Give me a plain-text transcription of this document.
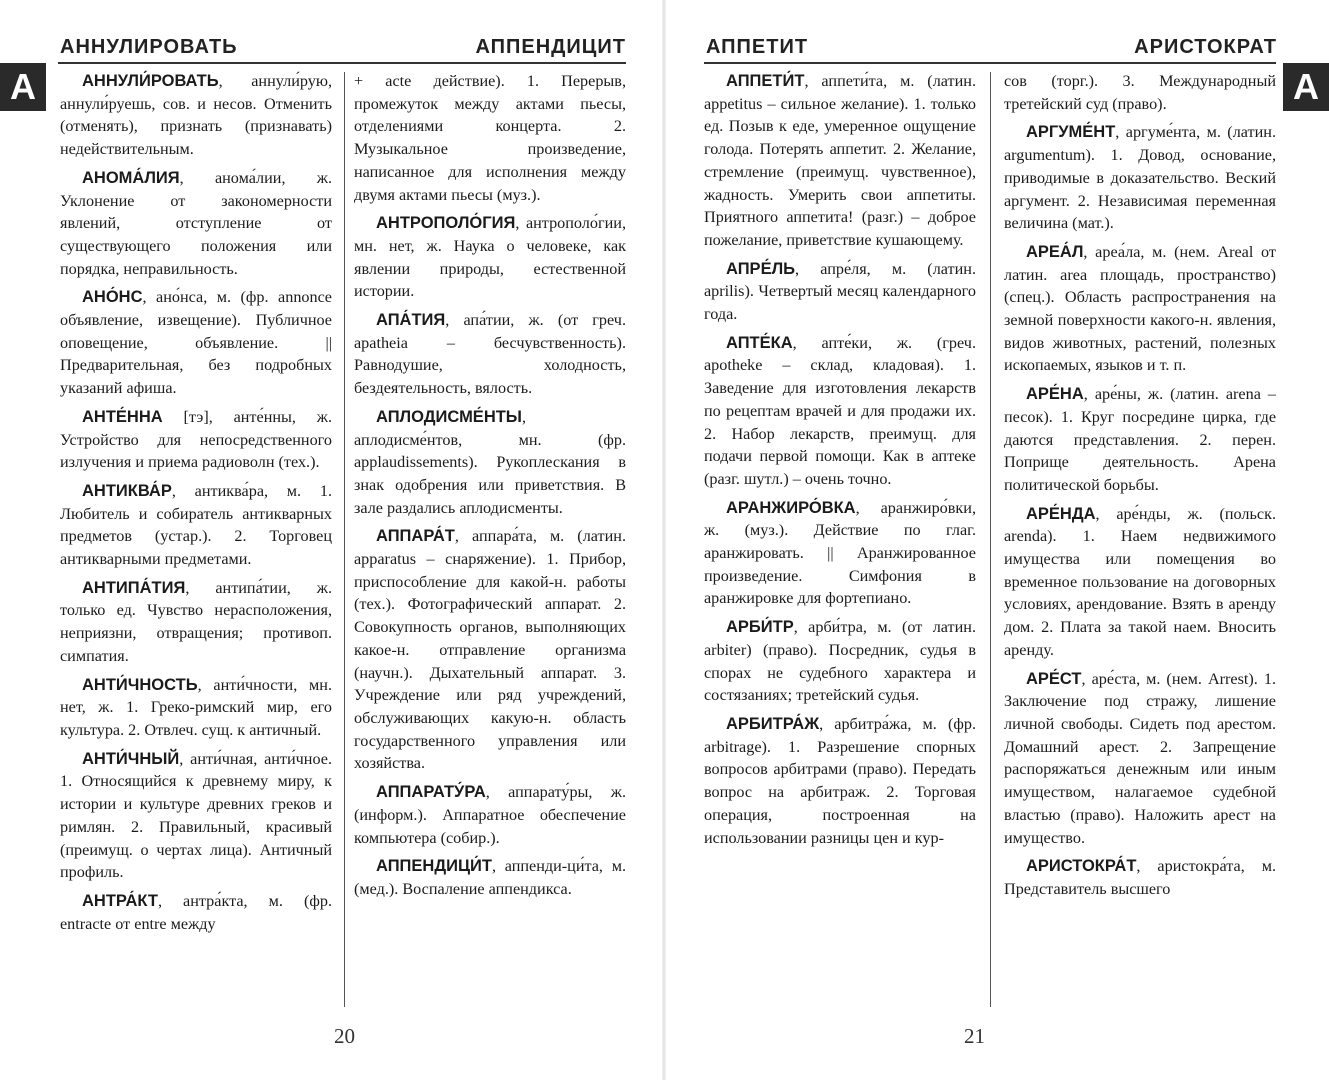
АННУЛИРОВАТЬ	АППЕНДИЦИТ
А	АННУЛИ́РОВАТЬ, аннули́рую, аннули́руешь, сов. и несов. Отменить (отменять), признать (признавать) недействительным.

АНОМА́ЛИЯ, анома́лии, ж. Уклонение от закономерности явлений, отступление от существующего положения или порядка, неправильность.

АНО́НС, ано́нса, м. (фр. annonce объявление, извещение). Публичное оповещение, объявление. || Предварительная, без подробных указаний афиша.

АНТЕ́ННА [тэ], анте́нны, ж. Устройство для непосредственного излучения и приема радиоволн (тех.).

АНТИКВА́Р, антиква́ра, м. 1. Любитель и собиратель антикварных предметов (устар.). 2. Торговец антикварными предметами.

АНТИПА́ТИЯ, антипа́тии, ж. только ед. Чувство нерасположения, неприязни, отвращения; противоп. симпатия.

АНТИ́ЧНОСТЬ, анти́чности, мн. нет, ж. 1. Греко-римский мир, его культура. 2. Отвлеч. сущ. к античный.

АНТИ́ЧНЫЙ, анти́чная, анти́чное. 1. Относящийся к древнему миру, к истории и культуре древних греков и римлян. 2. Правильный, красивый (преимущ. о чертах лица). Античный профиль.

АНТРА́КТ, антра́кта, м. (фр. entracte от entre между

+ acte действие). 1. Перерыв, промежуток между актами пьесы, отделениями концерта. 2. Музыкальное произведение, написанное для исполнения между двумя актами пьесы (муз.).

АНТРОПОЛО́ГИЯ, антрополо́гии, мн. нет, ж. Наука о человеке, как явлении природы, естественной истории.

АПА́ТИЯ, апа́тии, ж. (от греч. apatheia – бесчувственность). Равнодушие, холодность, бездеятельность, вялость.

АПЛОДИСМЕ́НТЫ, аплодисме́нтов, мн. (фр. applaudissements). Рукоплескания в знак одобрения или приветствия. В зале раздались аплодисменты.

АППАРА́Т, аппара́та, м. (латин. apparatus – снаряжение). 1. Прибор, приспособление для какой-н. работы (тех.). Фотографический аппарат. 2. Совокупность органов, выполняющих какое-н. отправление организма (научн.). Дыхательный аппарат. 3. Учреждение или ряд учреждений, обслуживающих какую-н. область государственного управления или хозяйства.

АППАРАТУ́РА, аппарату́ры, ж. (информ.). Аппаратное обеспечение компьютера (собир.).

АППЕНДИЦИ́Т, аппенди-ци́та, м. (мед.). Воспаление аппендикса.

20
АППЕТИТ	АРИСТОКРАТ
А

АППЕТИ́Т, аппети́та, м. (латин. appetitus – сильное желание). 1. только ед. Позыв к еде, умеренное ощущение голода. Потерять аппетит. 2. Желание, стремление (преимущ. чувственное), жадность. Умерить свои аппетиты. Приятного аппетита! (разг.) – доброе пожелание, приветствие кушающему.

АПРЕ́ЛЬ, апре́ля, м. (латин. aprilis). Четвертый месяц календарного года.

АПТЕ́КА, апте́ки, ж. (греч. apotheke – склад, кладовая). 1. Заведение для изготовления лекарств по рецептам врачей и для продажи их. 2. Набор лекарств, преимущ. для подачи первой помощи. Как в аптеке (разг. шутл.) – очень точно.

АРАНЖИРО́ВКА, аранжиро́вки, ж. (муз.). Действие по глаг. аранжировать. || Аранжированное произведение. Симфония в аранжировке для фортепиано.

АРБИ́ТР, арби́тра, м. (от латин. arbiter) (право). Посредник, судья в спорах не судебного характера и состязаниях; третейский судья.

АРБИТРА́Ж, арбитра́жа, м. (фр. arbitrage). 1. Разрешение спорных вопросов арбитрами (право). Передать вопрос на арбитраж. 2. Торговая операция, построенная на использовании разницы цен и кур-

сов (торг.). 3. Международный третейский суд (право).

АРГУМЕ́НТ, аргуме́нта, м. (латин. argumentum). 1. Довод, основание, приводимые в доказательство. Веский аргумент. 2. Независимая переменная величина (мат.).

АРЕА́Л, ареа́ла, м. (нем. Areal от латин. area площадь, пространство) (спец.). Область распространения на земной поверхности какого-н. явления, видов животных, растений, полезных ископаемых, языков и т. п.

АРЕ́НА, аре́ны, ж. (латин. arena – песок). 1. Круг посредине цирка, где даются представления. 2. перен. Поприще деятельность. Арена политической борьбы.

АРЕ́НДА, аре́нды, ж. (польск. arenda). 1. Наем недвижимого имущества или помещения во временное пользование на договорных условиях, арендование. Взять в аренду дом. 2. Плата за такой наем. Вносить аренду.

АРЕ́СТ, аре́ста, м. (нем. Arrest). 1. Заключение под стражу, лишение личной свободы. Сидеть под арестом. Домашний арест. 2. Запрещение распоряжаться денежным или иным имуществом, налагаемое судебной властью (право). Наложить арест на имущество.

АРИСТОКРА́Т, аристокра́та, м. Представитель высшего

21
